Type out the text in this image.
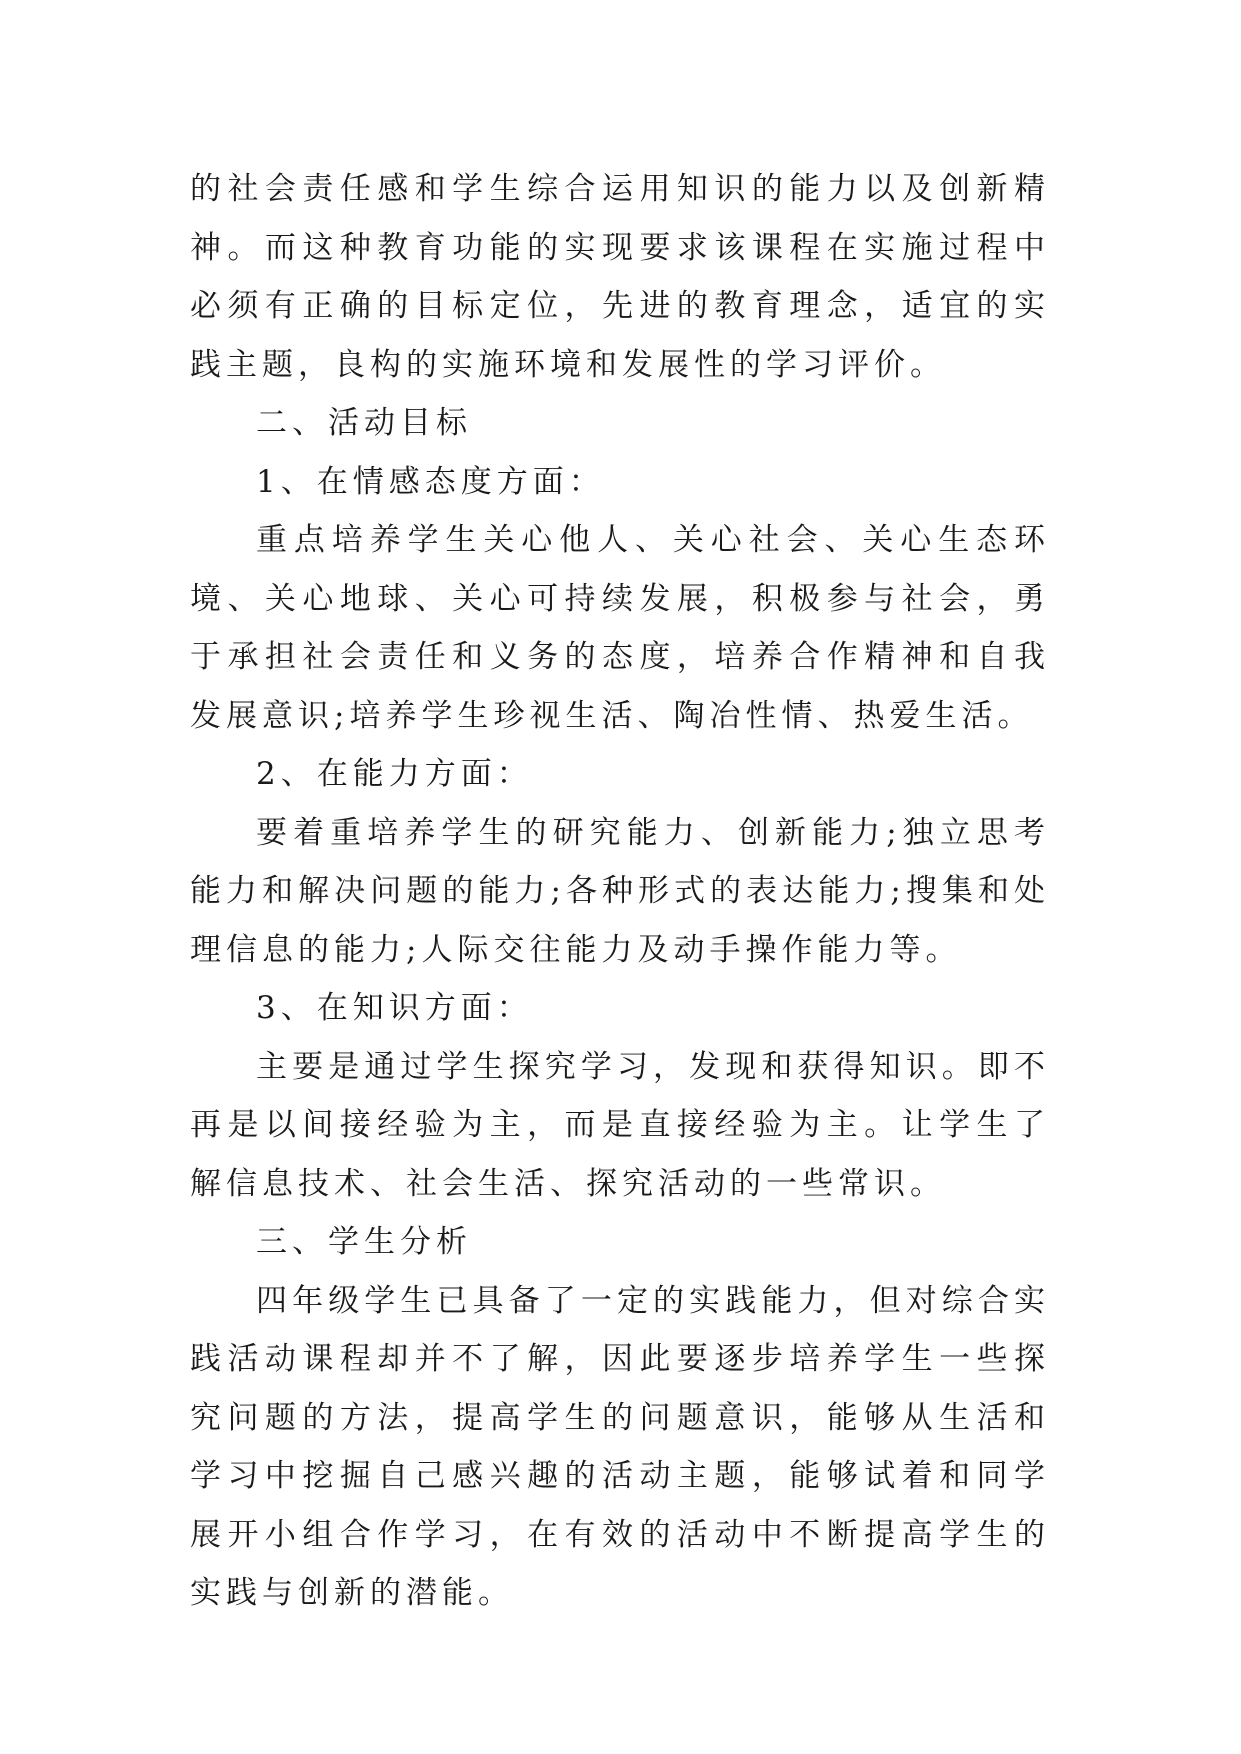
的社会责任感和学生综合运用知识的能力以及创新精神。而这种教育功能的实现要求该课程在实施过程中必须有正确的目标定位，先进的教育理念，适宜的实践主题，良构的实施环境和发展性的学习评价。

二、活动目标

1、在情感态度方面：

重点培养学生关心他人、关心社会、关心生态环境、关心地球、关心可持续发展，积极参与社会，勇于承担社会责任和义务的态度，培养合作精神和自我发展意识;培养学生珍视生活、陶冶性情、热爱生活。

2、在能力方面：

要着重培养学生的研究能力、创新能力;独立思考能力和解决问题的能力;各种形式的表达能力;搜集和处理信息的能力;人际交往能力及动手操作能力等。

3、在知识方面：

主要是通过学生探究学习，发现和获得知识。即不再是以间接经验为主，而是直接经验为主。让学生了解信息技术、社会生活、探究活动的一些常识。

三、学生分析

四年级学生已具备了一定的实践能力，但对综合实践活动课程却并不了解，因此要逐步培养学生一些探究问题的方法，提高学生的问题意识，能够从生活和学习中挖掘自己感兴趣的活动主题，能够试着和同学展开小组合作学习，在有效的活动中不断提高学生的实践与创新的潜能。
